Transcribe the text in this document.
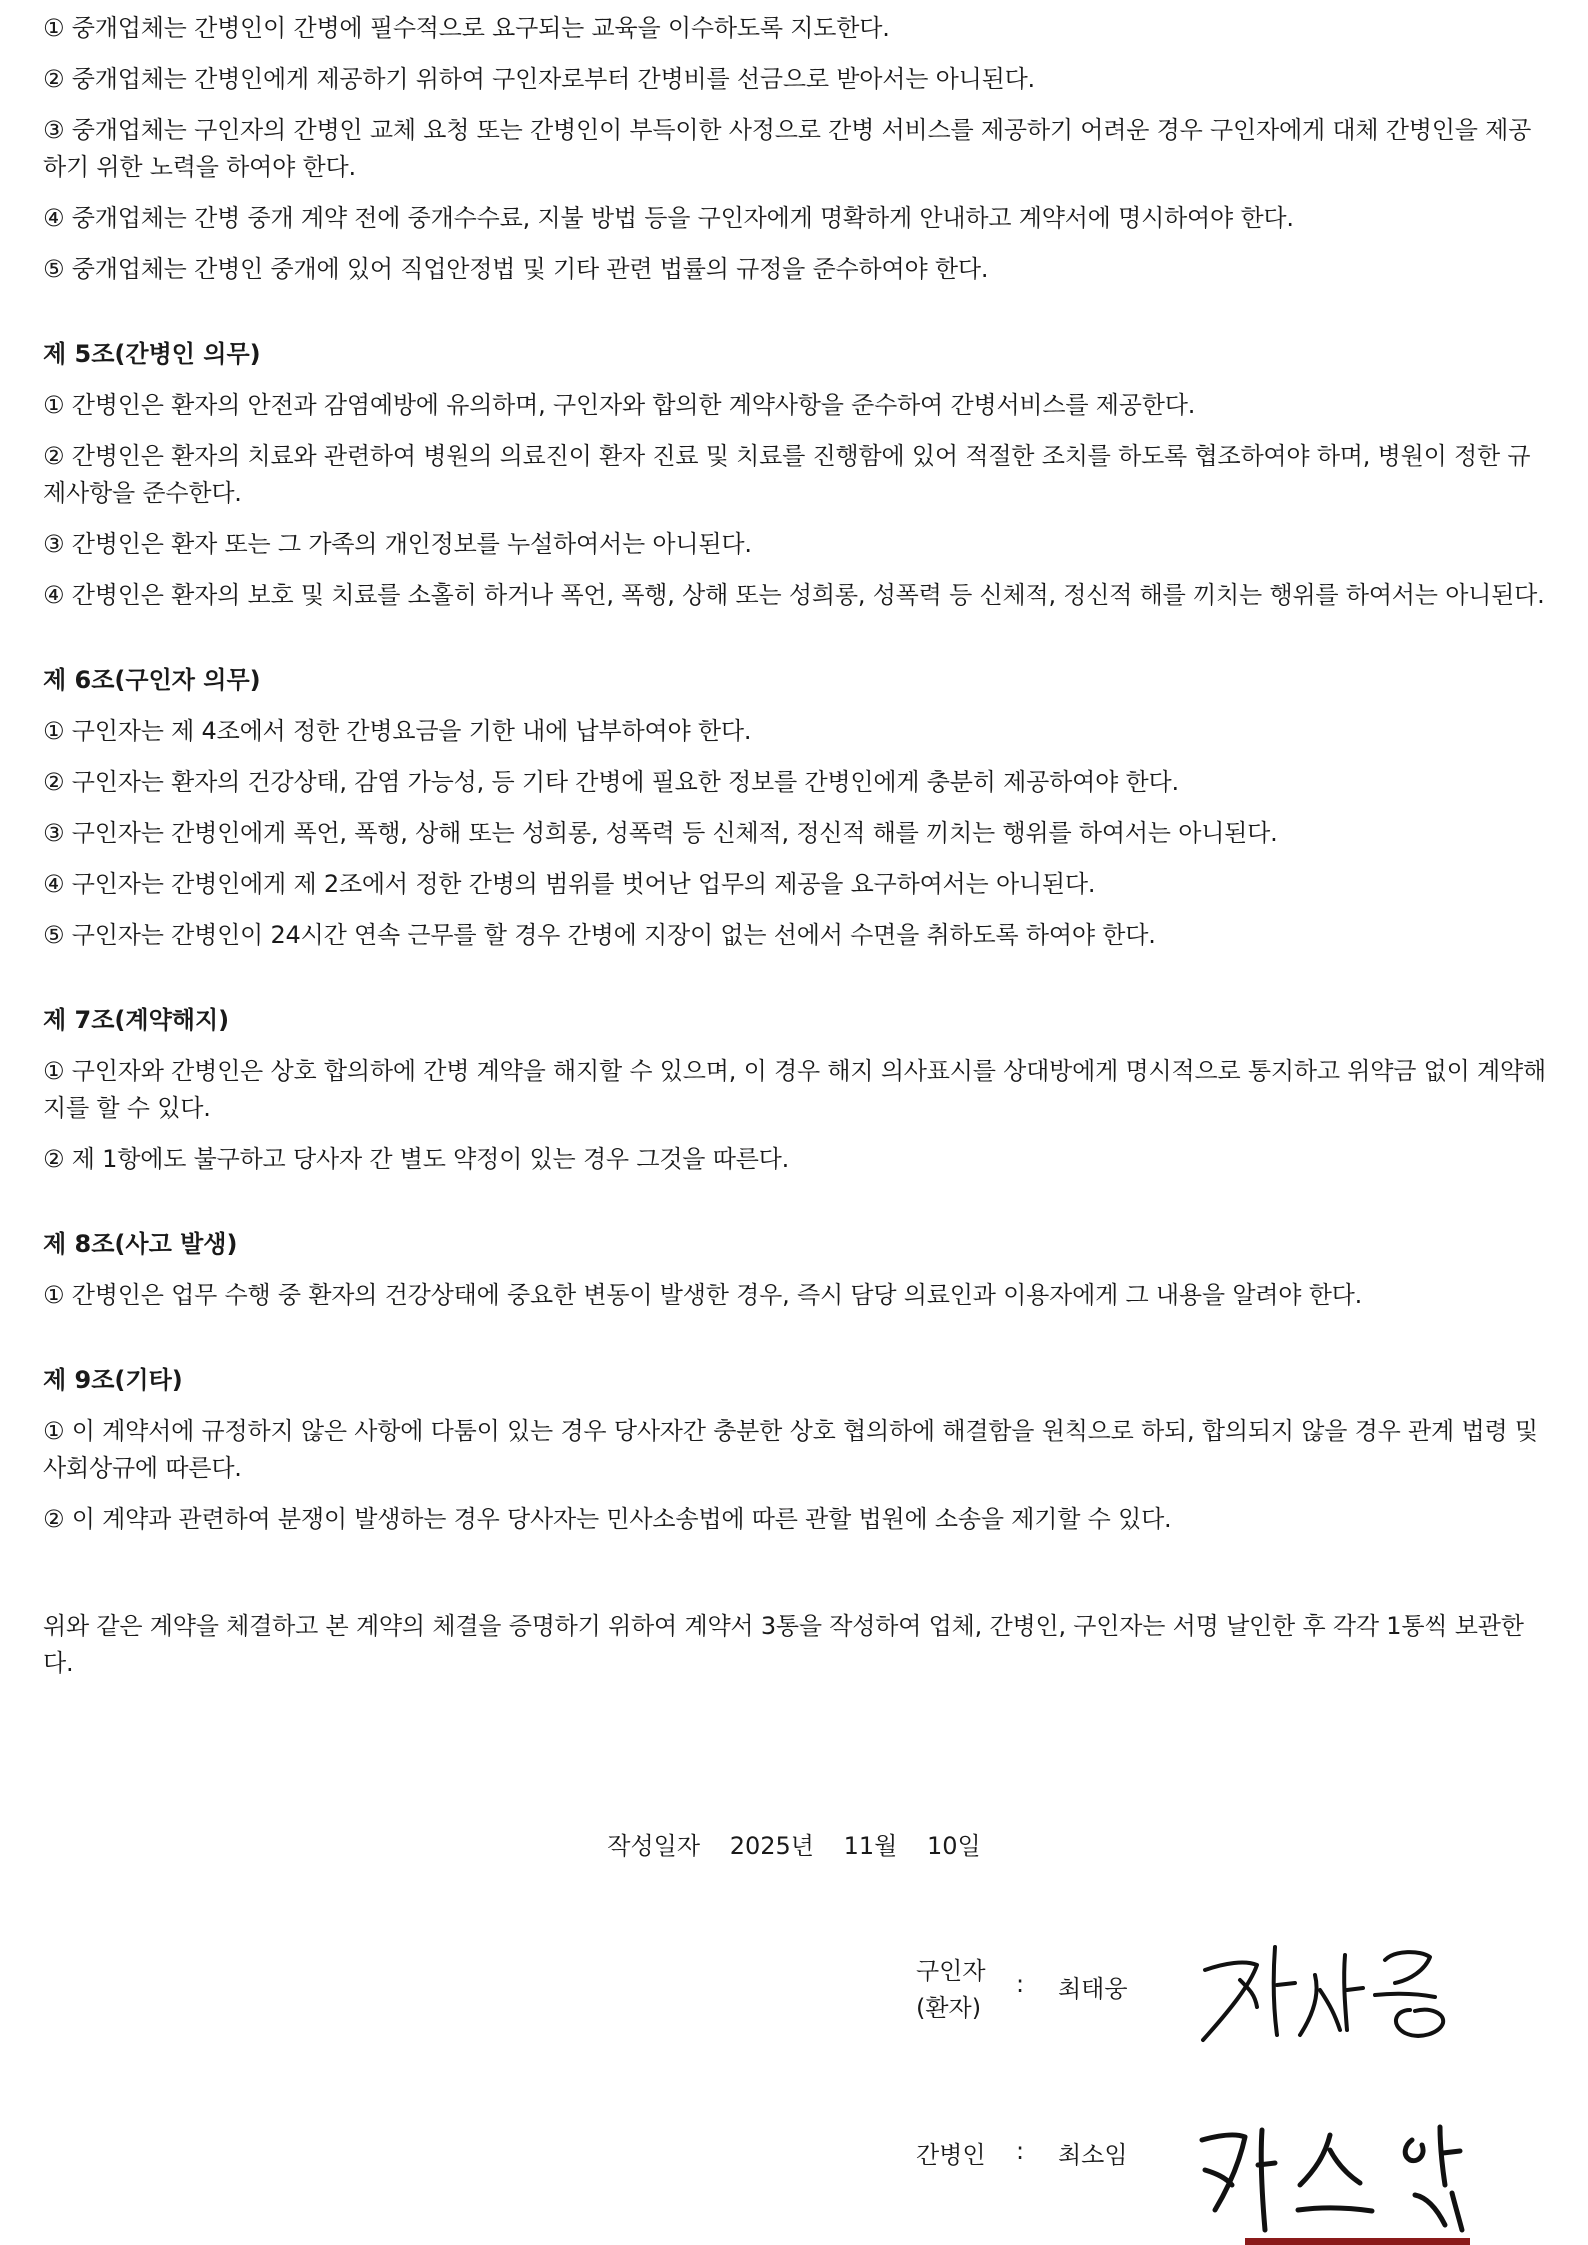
① 중개업체는 간병인이 간병에 필수적으로 요구되는 교육을 이수하도록 지도한다.

② 중개업체는 간병인에게 제공하기 위하여 구인자로부터 간병비를 선금으로 받아서는 아니된다.

③ 중개업체는 구인자의 간병인 교체 요청 또는 간병인이 부득이한 사정으로 간병 서비스를 제공하기 어려운 경우 구인자에게 대체 간병인을 제공하기 위한 노력을 하여야 한다.

④ 중개업체는 간병 중개 계약 전에 중개수수료, 지불 방법 등을 구인자에게 명확하게 안내하고 계약서에 명시하여야 한다.

⑤ 중개업체는 간병인 중개에 있어 직업안정법 및 기타 관련 법률의 규정을 준수하여야 한다.

제 5조(간병인 의무)

① 간병인은 환자의 안전과 감염예방에 유의하며, 구인자와 합의한 계약사항을 준수하여 간병서비스를 제공한다.

② 간병인은 환자의 치료와 관련하여 병원의 의료진이 환자 진료 및 치료를 진행함에 있어 적절한 조치를 하도록 협조하여야 하며, 병원이 정한 규제사항을 준수한다.

③ 간병인은 환자 또는 그 가족의 개인정보를 누설하여서는 아니된다.

④ 간병인은 환자의 보호 및 치료를 소홀히 하거나 폭언, 폭행, 상해 또는 성희롱, 성폭력 등 신체적, 정신적 해를 끼치는 행위를 하여서는 아니된다.

제 6조(구인자 의무)

① 구인자는 제 4조에서 정한 간병요금을 기한 내에 납부하여야 한다.

② 구인자는 환자의 건강상태, 감염 가능성, 등 기타 간병에 필요한 정보를 간병인에게 충분히 제공하여야 한다.

③ 구인자는 간병인에게 폭언, 폭행, 상해 또는 성희롱, 성폭력 등 신체적, 정신적 해를 끼치는 행위를 하여서는 아니된다.

④ 구인자는 간병인에게 제 2조에서 정한 간병의 범위를 벗어난 업무의 제공을 요구하여서는 아니된다.

⑤ 구인자는 간병인이 24시간 연속 근무를 할 경우 간병에 지장이 없는 선에서 수면을 취하도록 하여야 한다.

제 7조(계약해지)

① 구인자와 간병인은 상호 합의하에 간병 계약을 해지할 수 있으며, 이 경우 해지 의사표시를 상대방에게 명시적으로 통지하고 위약금 없이 계약해지를 할 수 있다.

② 제 1항에도 불구하고 당사자 간 별도 약정이 있는 경우 그것을 따른다.

제 8조(사고 발생)

① 간병인은 업무 수행 중 환자의 건강상태에 중요한 변동이 발생한 경우, 즉시 담당 의료인과 이용자에게 그 내용을 알려야 한다.

제 9조(기타)

① 이 계약서에 규정하지 않은 사항에 다툼이 있는 경우 당사자간 충분한 상호 협의하에 해결함을 원칙으로 하되, 합의되지 않을 경우 관계 법령 및 사회상규에 따른다.

② 이 계약과 관련하여 분쟁이 발생하는 경우 당사자는 민사소송법에 따른 관할 법원에 소송을 제기할 수 있다.

위와 같은 계약을 체결하고 본 계약의 체결을 증명하기 위하여 계약서 3통을 작성하여 업체, 간병인, 구인자는 서명 날인한 후 각각 1통씩 보관한다.

작성일자 2025년 11월 10일
구인자
(환자)
: 최태웅
간병인 : 최소임
